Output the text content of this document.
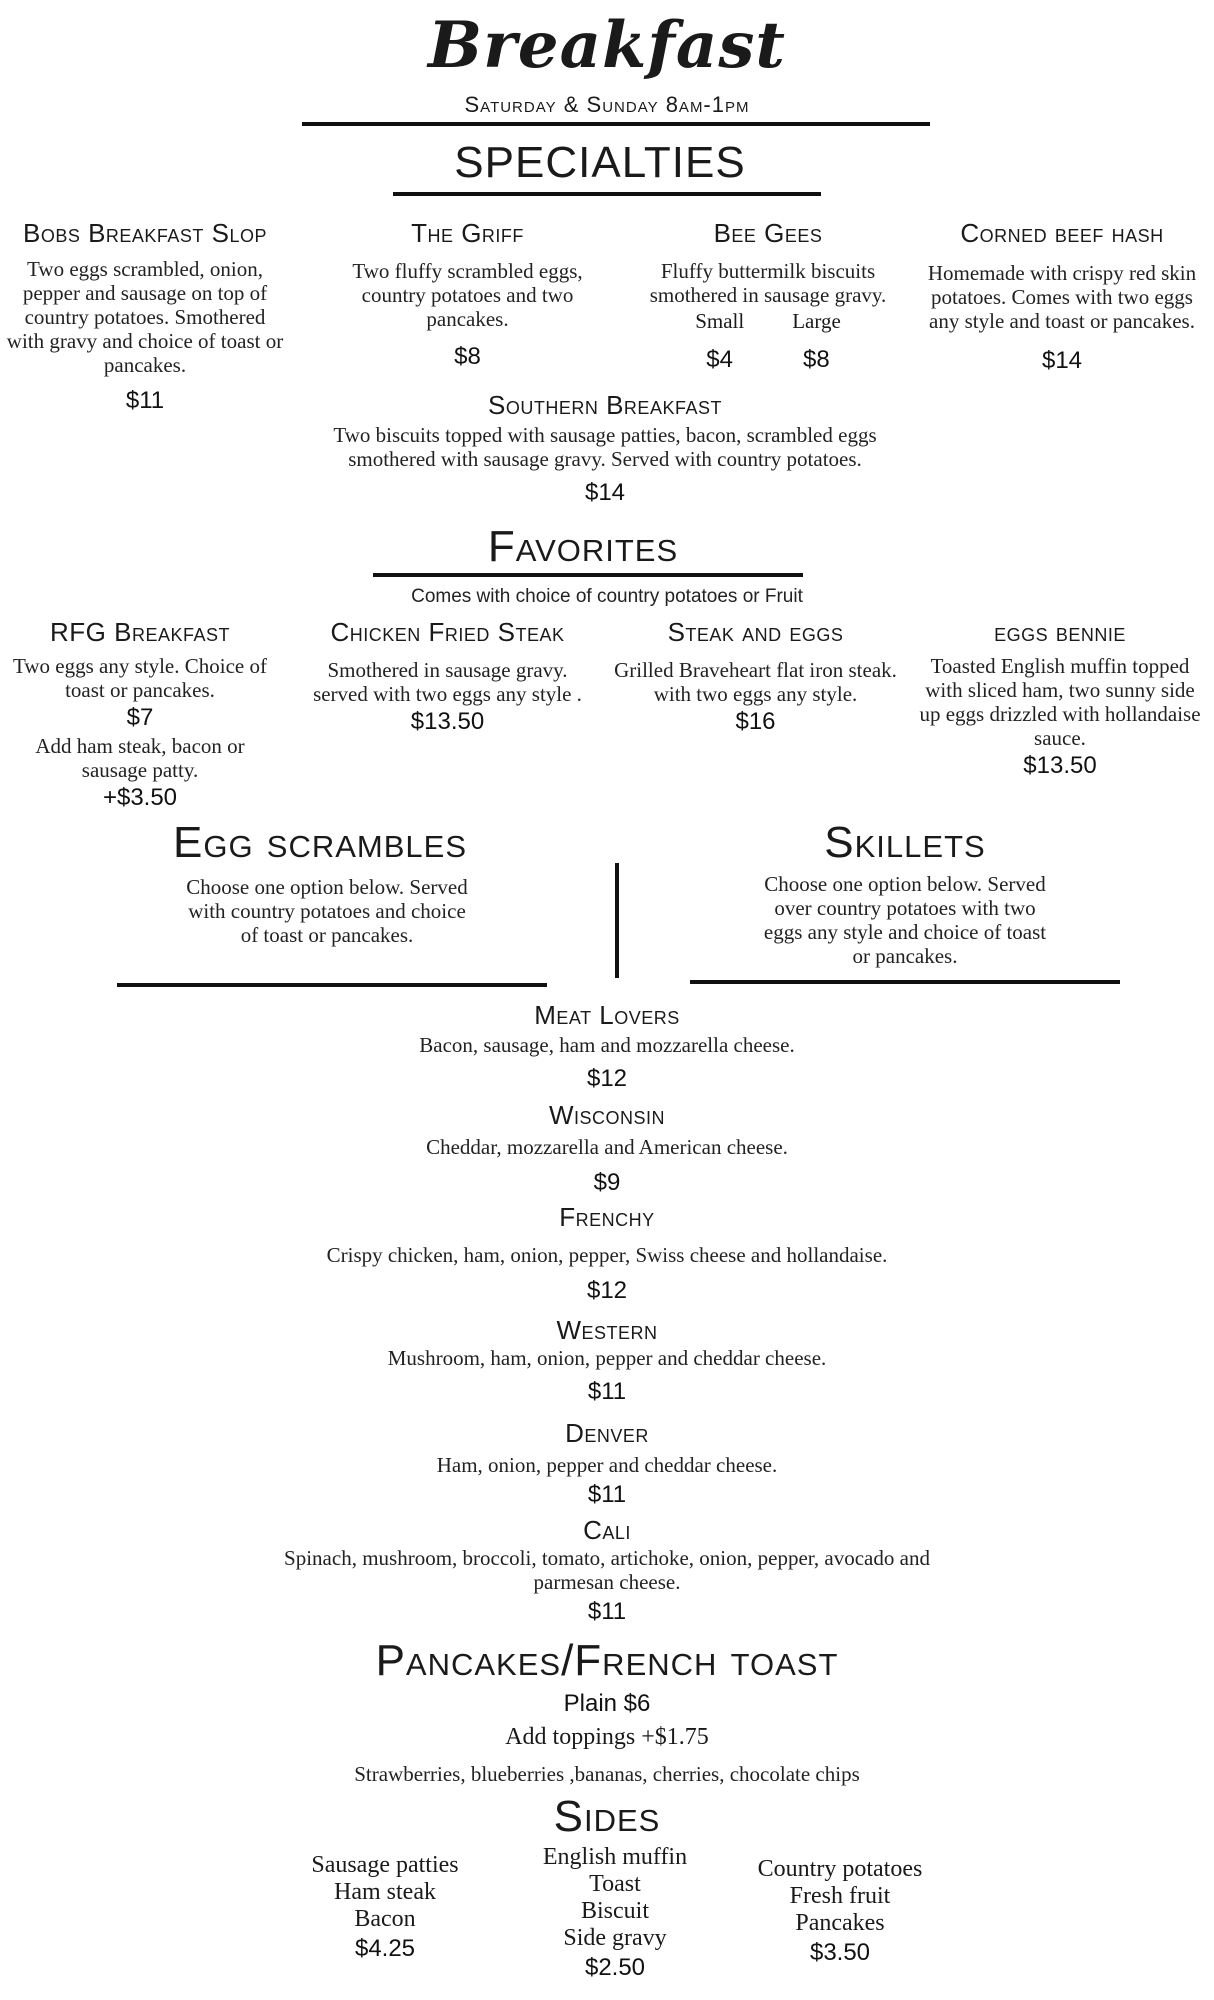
Breakfast
Saturday & Sunday 8am-1pm
SPECIALTIES
Bobs Breakfast Slop
Two eggs scrambled, onion, pepper and sausage on top of country potatoes. Smothered with gravy and choice of toast or pancakes.
$11
The Griff
Two fluffy scrambled eggs, country potatoes and two pancakes.
$8
Bee Gees
Fluffy buttermilk biscuits smothered in sausage gravy.
Small Large
$4	$8
Corned beef hash
Homemade with crispy red skin potatoes. Comes with two eggs any style and toast or pancakes.
$14
Southern Breakfast
Two biscuits topped with sausage patties, bacon, scrambled eggs smothered with sausage gravy. Served with country potatoes.
$14
Favorites
Comes with choice of country potatoes or Fruit
RFG Breakfast
Two eggs any style. Choice of toast or pancakes.
$7
Add ham steak, bacon or sausage patty.
+$3.50
Chicken Fried Steak
Smothered in sausage gravy. served with two eggs any style .
$13.50
Steak and eggs
Grilled Braveheart flat iron steak. with two eggs any style.
$16
eggs bennie
Toasted English muffin topped with sliced ham, two sunny side up eggs drizzled with hollandaise sauce.
$13.50
Egg scrambles
Choose one option below. Served with country potatoes and choice of toast or pancakes.
Skillets
Choose one option below. Served over country potatoes with two eggs any style and choice of toast or pancakes.
Meat Lovers
Bacon, sausage, ham and mozzarella cheese.
$12
Wisconsin
Cheddar, mozzarella and American cheese.
$9
Frenchy
Crispy chicken, ham, onion, pepper, Swiss cheese and hollandaise.
$12
Western
Mushroom, ham, onion, pepper and cheddar cheese.
$11
Denver
Ham, onion, pepper and cheddar cheese.
$11
Cali
Spinach, mushroom, broccoli, tomato, artichoke, onion, pepper, avocado and parmesan cheese.
$11
Pancakes/French toast
Plain $6
Add toppings +$1.75
Strawberries, blueberries ,bananas, cherries, chocolate chips
Sides
Sausage patties
Ham steak
Bacon
$4.25
English muffin
Toast
Biscuit
Side gravy
$2.50
Country potatoes
Fresh fruit
Pancakes
$3.50
